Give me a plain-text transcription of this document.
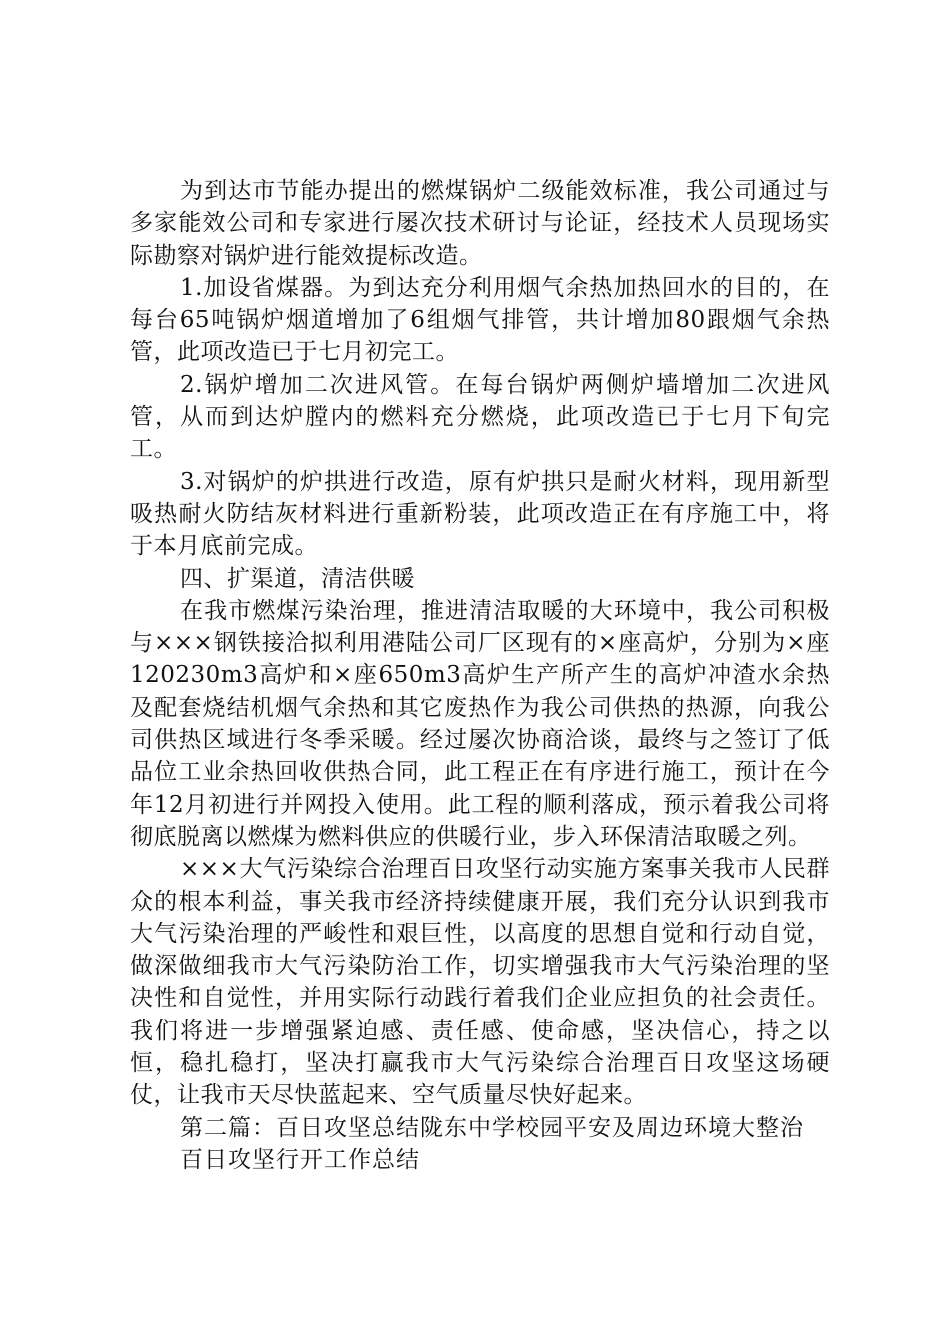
为到达市节能办提出的燃煤锅炉二级能效标准，我公司通过与多家能效公司和专家进行屡次技术研讨与论证，经技术人员现场实际勘察对锅炉进行能效提标改造。

1.加设省煤器。为到达充分利用烟气余热加热回水的目的，在每台65吨锅炉烟道增加了6组烟气排管，共计增加80跟烟气余热管，此项改造已于七月初完工。

2.锅炉增加二次进风管。在每台锅炉两侧炉墙增加二次进风管，从而到达炉膛内的燃料充分燃烧，此项改造已于七月下旬完工。

3.对锅炉的炉拱进行改造，原有炉拱只是耐火材料，现用新型吸热耐火防结灰材料进行重新粉装，此项改造正在有序施工中，将于本月底前完成。

四、扩渠道，清洁供暖

在我市燃煤污染治理，推进清洁取暖的大环境中，我公司积极与×××钢铁接洽拟利用港陆公司厂区现有的×座高炉，分别为×座120230m3高炉和×座650m3高炉生产所产生的高炉冲渣水余热及配套烧结机烟气余热和其它废热作为我公司供热的热源，向我公司供热区域进行冬季采暖。经过屡次协商洽谈，最终与之签订了低品位工业余热回收供热合同，此工程正在有序进行施工，预计在今年12月初进行并网投入使用。此工程的顺利落成，预示着我公司将彻底脱离以燃煤为燃料供应的供暖行业，步入环保清洁取暖之列。

×××大气污染综合治理百日攻坚行动实施方案事关我市人民群众的根本利益，事关我市经济持续健康开展，我们充分认识到我市大气污染治理的严峻性和艰巨性，以高度的思想自觉和行动自觉，做深做细我市大气污染防治工作，切实增强我市大气污染治理的坚决性和自觉性，并用实际行动践行着我们企业应担负的社会责任。我们将进一步增强紧迫感、责任感、使命感，坚决信心，持之以恒，稳扎稳打，坚决打赢我市大气污染综合治理百日攻坚这场硬仗，让我市天尽快蓝起来、空气质量尽快好起来。

第二篇：百日攻坚总结陇东中学校园平安及周边环境大整治

百日攻坚行开工作总结
